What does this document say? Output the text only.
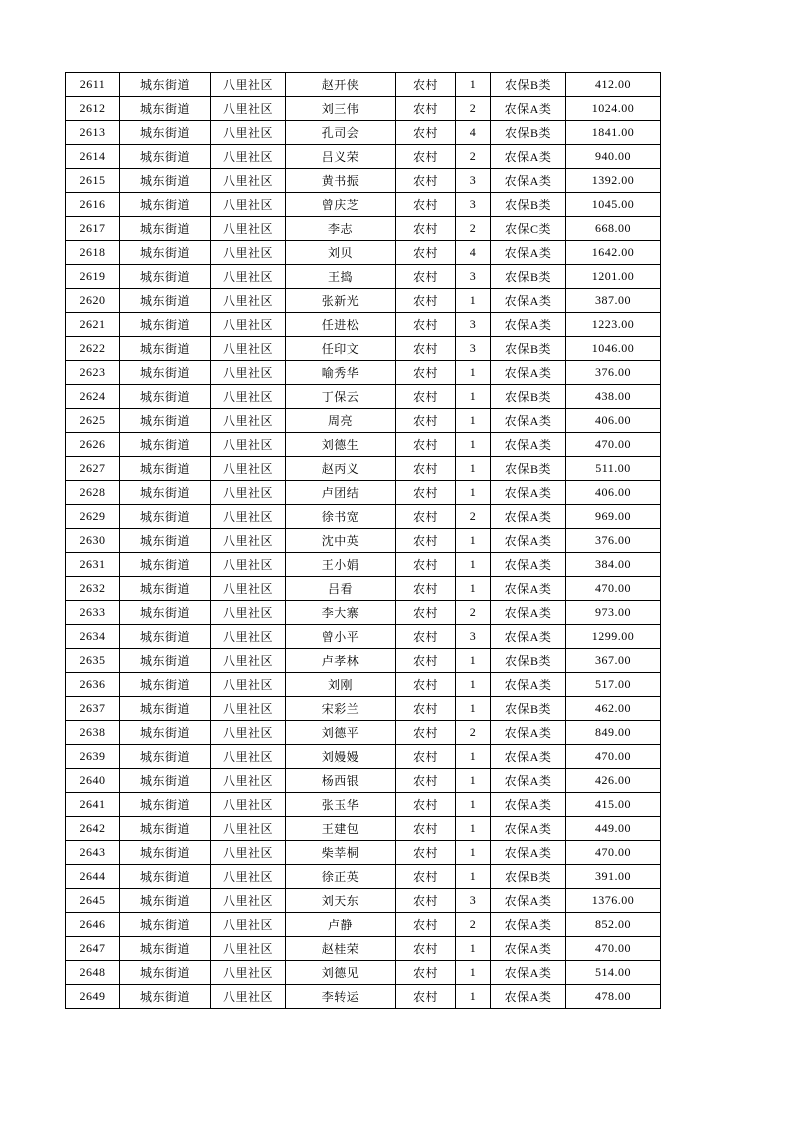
2611	城东街道	八里社区	赵开侠	农村	1	农保B类	412.00
2612	城东街道	八里社区	刘三伟	农村	2	农保A类	1024.00
2613	城东街道	八里社区	孔司会	农村	4	农保B类	1841.00
2614	城东街道	八里社区	吕义荣	农村	2	农保A类	940.00
2615	城东街道	八里社区	黄书振	农村	3	农保A类	1392.00
2616	城东街道	八里社区	曾庆芝	农村	3	农保B类	1045.00
2617	城东街道	八里社区	李志	农村	2	农保C类	668.00
2618	城东街道	八里社区	刘贝	农村	4	农保A类	1642.00
2619	城东街道	八里社区	王捣	农村	3	农保B类	1201.00
2620	城东街道	八里社区	张新光	农村	1	农保A类	387.00
2621	城东街道	八里社区	任进松	农村	3	农保A类	1223.00
2622	城东街道	八里社区	任印文	农村	3	农保B类	1046.00
2623	城东街道	八里社区	喻秀华	农村	1	农保A类	376.00
2624	城东街道	八里社区	丁保云	农村	1	农保B类	438.00
2625	城东街道	八里社区	周亮	农村	1	农保A类	406.00
2626	城东街道	八里社区	刘德生	农村	1	农保A类	470.00
2627	城东街道	八里社区	赵丙义	农村	1	农保B类	511.00
2628	城东街道	八里社区	卢团结	农村	1	农保A类	406.00
2629	城东街道	八里社区	徐书宽	农村	2	农保A类	969.00
2630	城东街道	八里社区	沈中英	农村	1	农保A类	376.00
2631	城东街道	八里社区	王小娟	农村	1	农保A类	384.00
2632	城东街道	八里社区	吕看	农村	1	农保A类	470.00
2633	城东街道	八里社区	李大寨	农村	2	农保A类	973.00
2634	城东街道	八里社区	曾小平	农村	3	农保A类	1299.00
2635	城东街道	八里社区	卢孝林	农村	1	农保B类	367.00
2636	城东街道	八里社区	刘刚	农村	1	农保A类	517.00
2637	城东街道	八里社区	宋彩兰	农村	1	农保B类	462.00
2638	城东街道	八里社区	刘德平	农村	2	农保A类	849.00
2639	城东街道	八里社区	刘嫚嫚	农村	1	农保A类	470.00
2640	城东街道	八里社区	杨西银	农村	1	农保A类	426.00
2641	城东街道	八里社区	张玉华	农村	1	农保A类	415.00
2642	城东街道	八里社区	王建包	农村	1	农保A类	449.00
2643	城东街道	八里社区	柴莘桐	农村	1	农保A类	470.00
2644	城东街道	八里社区	徐正英	农村	1	农保B类	391.00
2645	城东街道	八里社区	刘天东	农村	3	农保A类	1376.00
2646	城东街道	八里社区	卢静	农村	2	农保A类	852.00
2647	城东街道	八里社区	赵桂荣	农村	1	农保A类	470.00
2648	城东街道	八里社区	刘德见	农村	1	农保A类	514.00
2649	城东街道	八里社区	李转运	农村	1	农保A类	478.00
